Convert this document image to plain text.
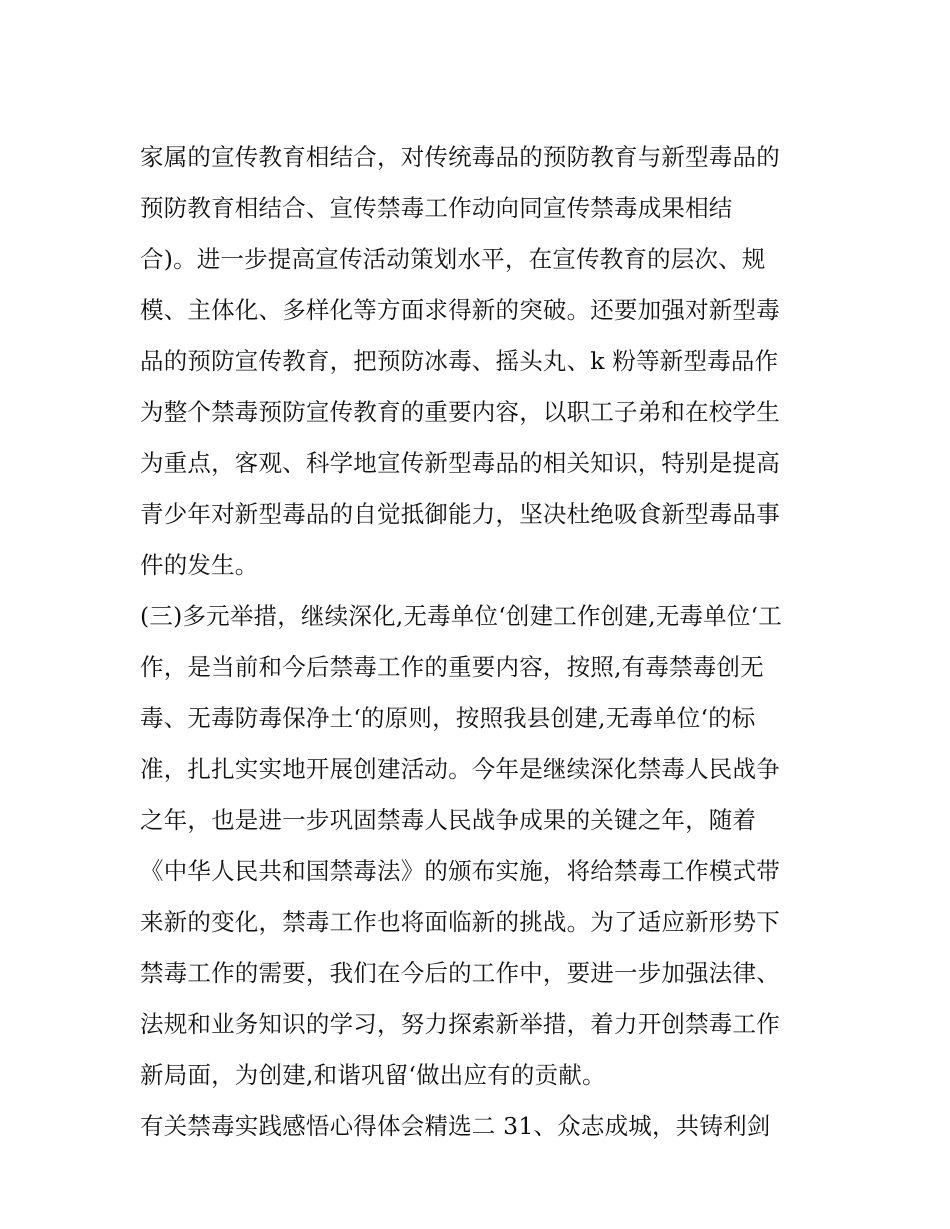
家属的宣传教育相结合，对传统毒品的预防教育与新型毒品的
预防教育相结合、宣传禁毒工作动向同宣传禁毒成果相结
合)。进一步提高宣传活动策划水平，在宣传教育的层次、规
模、主体化、多样化等方面求得新的突破。还要加强对新型毒
品的预防宣传教育，把预防冰毒、摇头丸、k 粉等新型毒品作
为整个禁毒预防宣传教育的重要内容，以职工子弟和在校学生
为重点，客观、科学地宣传新型毒品的相关知识，特别是提高
青少年对新型毒品的自觉抵御能力，坚决杜绝吸食新型毒品事
件的发生。
(三)多元举措，继续深化,无毒单位‘创建工作创建,无毒单位‘工
作，是当前和今后禁毒工作的重要内容，按照,有毒禁毒创无
毒、无毒防毒保净土‘的原则，按照我县创建,无毒单位‘的标
准，扎扎实实地开展创建活动。今年是继续深化禁毒人民战争
之年，也是进一步巩固禁毒人民战争成果的关键之年，随着
《中华人民共和国禁毒法》的颁布实施，将给禁毒工作模式带
来新的变化，禁毒工作也将面临新的挑战。为了适应新形势下
禁毒工作的需要，我们在今后的工作中，要进一步加强法律、
法规和业务知识的学习，努力探索新举措，着力开创禁毒工作
新局面，为创建,和谐巩留‘做出应有的贡献。
有关禁毒实践感悟心得体会精选二 31、众志成城，共铸利剑
